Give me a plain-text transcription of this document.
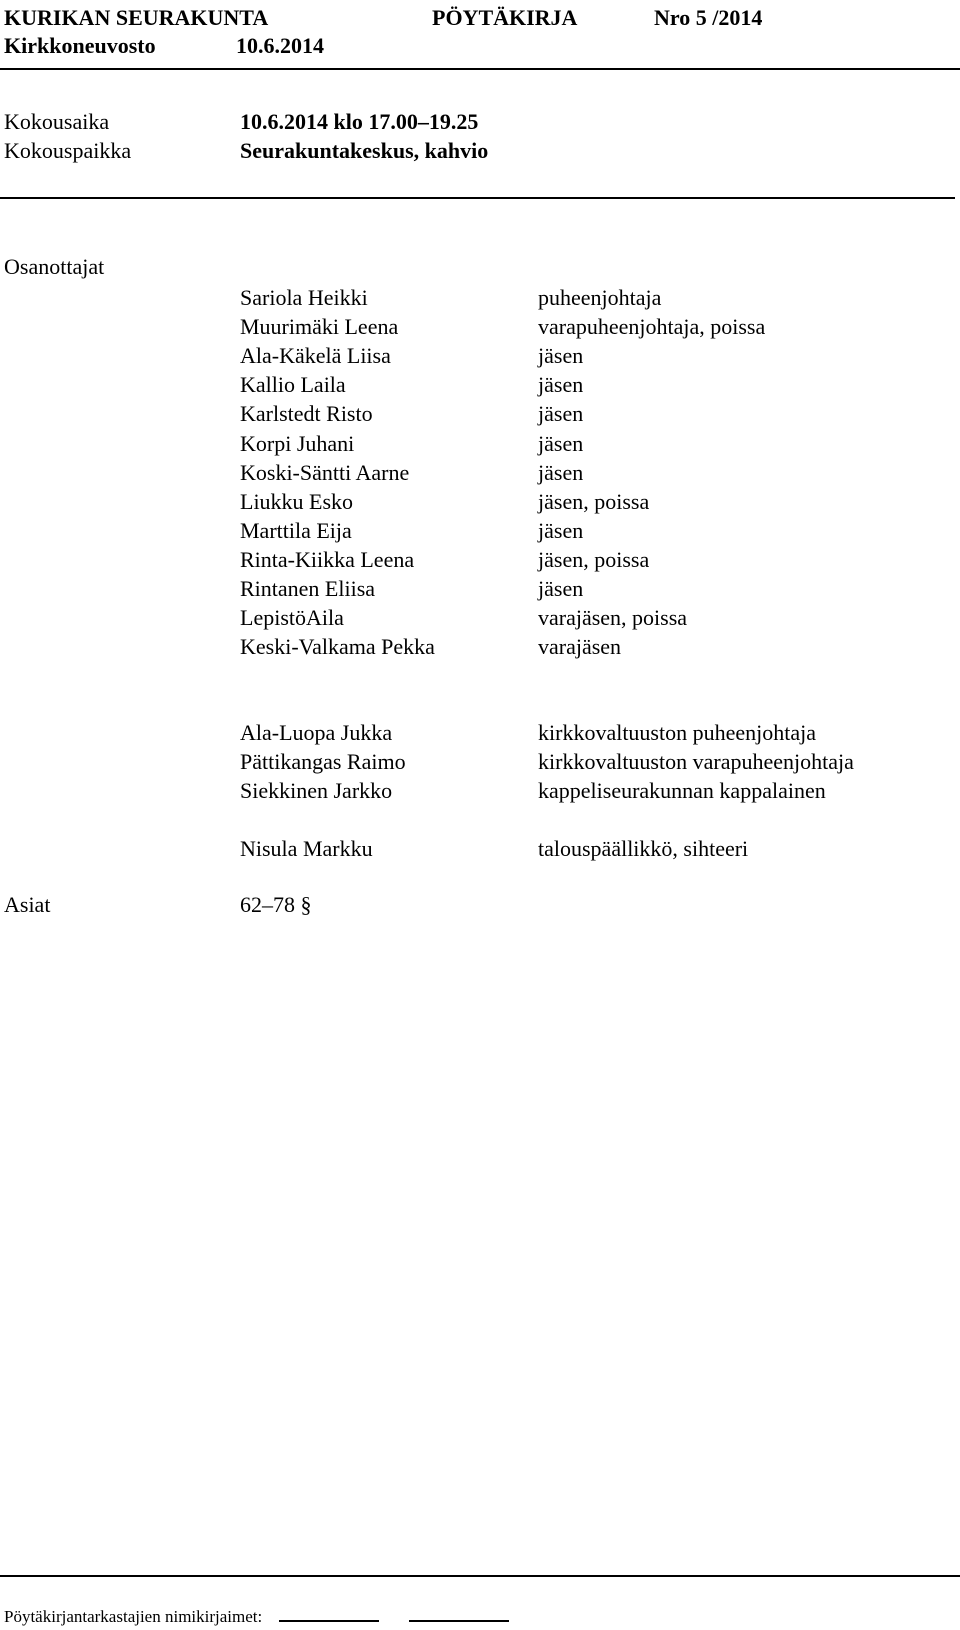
KURIKAN SEURAKUNTA	PÖYTÄKIRJA	Nro 5 /2014
Kirkkoneuvosto	10.6.2014
Kokousaika	10.6.2014 klo 17.00–19.25
Kokouspaikka	Seurakuntakeskus, kahvio
Osanottajat
Sariola Heikki	puheenjohtaja
Muurimäki Leena	varapuheenjohtaja, poissa
Ala-Käkelä Liisa	jäsen
Kallio Laila	jäsen
Karlstedt Risto	jäsen
Korpi Juhani	jäsen
Koski-Säntti Aarne	jäsen
Liukku Esko	jäsen, poissa
Marttila Eija	jäsen
Rinta-Kiikka Leena	jäsen, poissa
Rintanen Eliisa	jäsen
LepistöAila	varajäsen, poissa
Keski-Valkama Pekka	varajäsen
Ala-Luopa Jukka	kirkkovaltuuston puheenjohtaja
Pättikangas Raimo	kirkkovaltuuston varapuheenjohtaja
Siekkinen Jarkko	kappeliseurakunnan kappalainen
Nisula Markku	talouspäällikkö, sihteeri
Asiat	62–78 §
Pöytäkirjantarkastajien nimikirjaimet:
